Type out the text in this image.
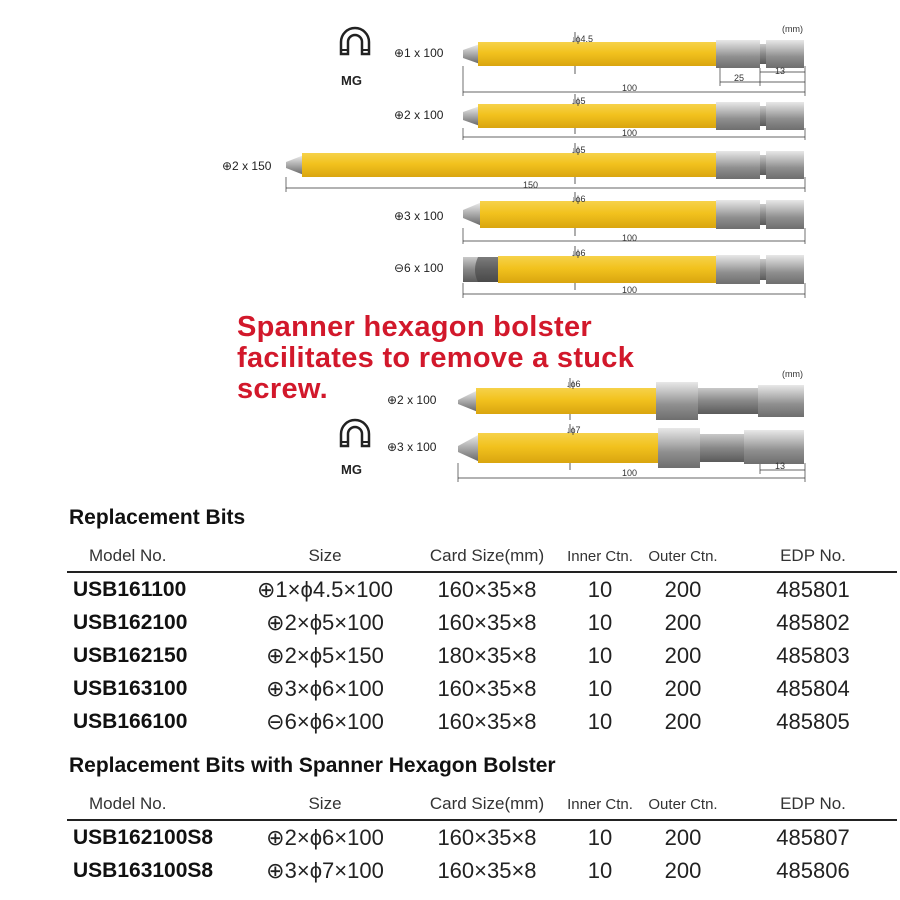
(mm)
(mm)
MG
MG
⊕1 x 100
⊕2 x 100
⊕2 x 150
⊕3 x 100
⊖6 x 100
↓ϕ4.5
↓ϕ5
↓ϕ5
↓ϕ6
↓ϕ6
100
25
13
100
150
100
100
Spanner hexagon bolster
facilitates to remove a stuck
screw.	⊕2 x 100
⊕3 x 100
↓ϕ6
↓ϕ7
100
13
Replacement Bits
Model No.	Size	Card Size(mm)	Inner Ctn.	Outer Ctn.	EDP No.
USB161100	⊕1×ϕ4.5×100	160×35×8	10	200	485801
USB162100	⊕2×ϕ5×100	160×35×8	10	200	485802
USB162150	⊕2×ϕ5×150	180×35×8	10	200	485803
USB163100	⊕3×ϕ6×100	160×35×8	10	200	485804
USB166100	⊖6×ϕ6×100	160×35×8	10	200	485805
Replacement Bits with Spanner Hexagon Bolster
Model No.	Size	Card Size(mm)	Inner Ctn.	Outer Ctn.	EDP No.
USB162100S8	⊕2×ϕ6×100	160×35×8	10	200	485807
USB163100S8	⊕3×ϕ7×100	160×35×8	10	200	485806
